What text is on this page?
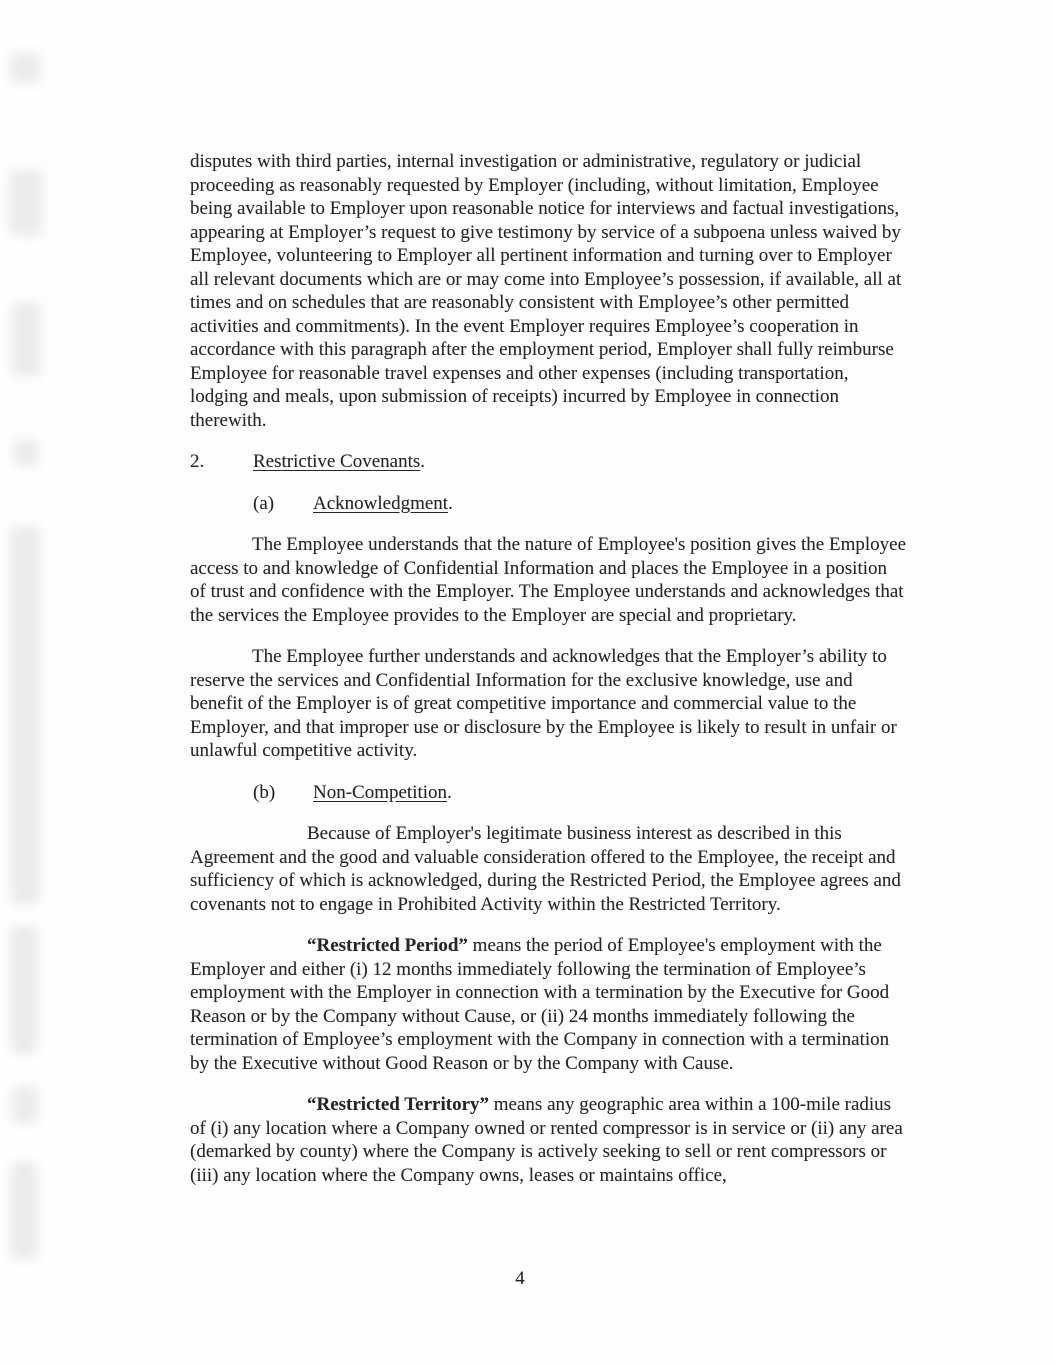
disputes with third parties, internal investigation or administrative, regulatory or judicial proceeding as reasonably requested by Employer (including, without limitation, Employee being available to Employer upon reasonable notice for interviews and factual investigations, appearing at Employer’s request to give testimony by service of a subpoena unless waived by Employee, volunteering to Employer all pertinent information and turning over to Employer all relevant documents which are or may come into Employee’s possession, if available, all at times and on schedules that are reasonably consistent with Employee’s other permitted activities and commitments). In the event Employer requires Employee’s cooperation in accordance with this paragraph after the employment period, Employer shall fully reimburse Employee for reasonable travel expenses and other expenses (including transportation, lodging and meals, upon submission of receipts) incurred by Employee in connection therewith.

2.	Restrictive Covenants.

(a) Acknowledgment.

The Employee understands that the nature of Employee's position gives the Employee access to and knowledge of Confidential Information and places the Employee in a position of trust and confidence with the Employer. The Employee understands and acknowledges that the services the Employee provides to the Employer are special and proprietary.

The Employee further understands and acknowledges that the Employer’s ability to reserve the services and Confidential Information for the exclusive knowledge, use and benefit of the Employer is of great competitive importance and commercial value to the Employer, and that improper use or disclosure by the Employee is likely to result in unfair or unlawful competitive activity.

(b) Non-Competition.

Because of Employer's legitimate business interest as described in this Agreement and the good and valuable consideration offered to the Employee, the receipt and sufficiency of which is acknowledged, during the Restricted Period, the Employee agrees and covenants not to engage in Prohibited Activity within the Restricted Territory.

“Restricted Period” means the period of Employee's employment with the Employer and either (i) 12 months immediately following the termination of Employee’s employment with the Employer in connection with a termination by the Executive for Good Reason or by the Company without Cause, or (ii) 24 months immediately following the termination of Employee’s employment with the Company in connection with a termination by the Executive without Good Reason or by the Company with Cause.

“Restricted Territory” means any geographic area within a 100-mile radius of (i) any location where a Company owned or rented compressor is in service or (ii) any area (demarked by county) where the Company is actively seeking to sell or rent compressors or (iii) any location where the Company owns, leases or maintains office,

4
